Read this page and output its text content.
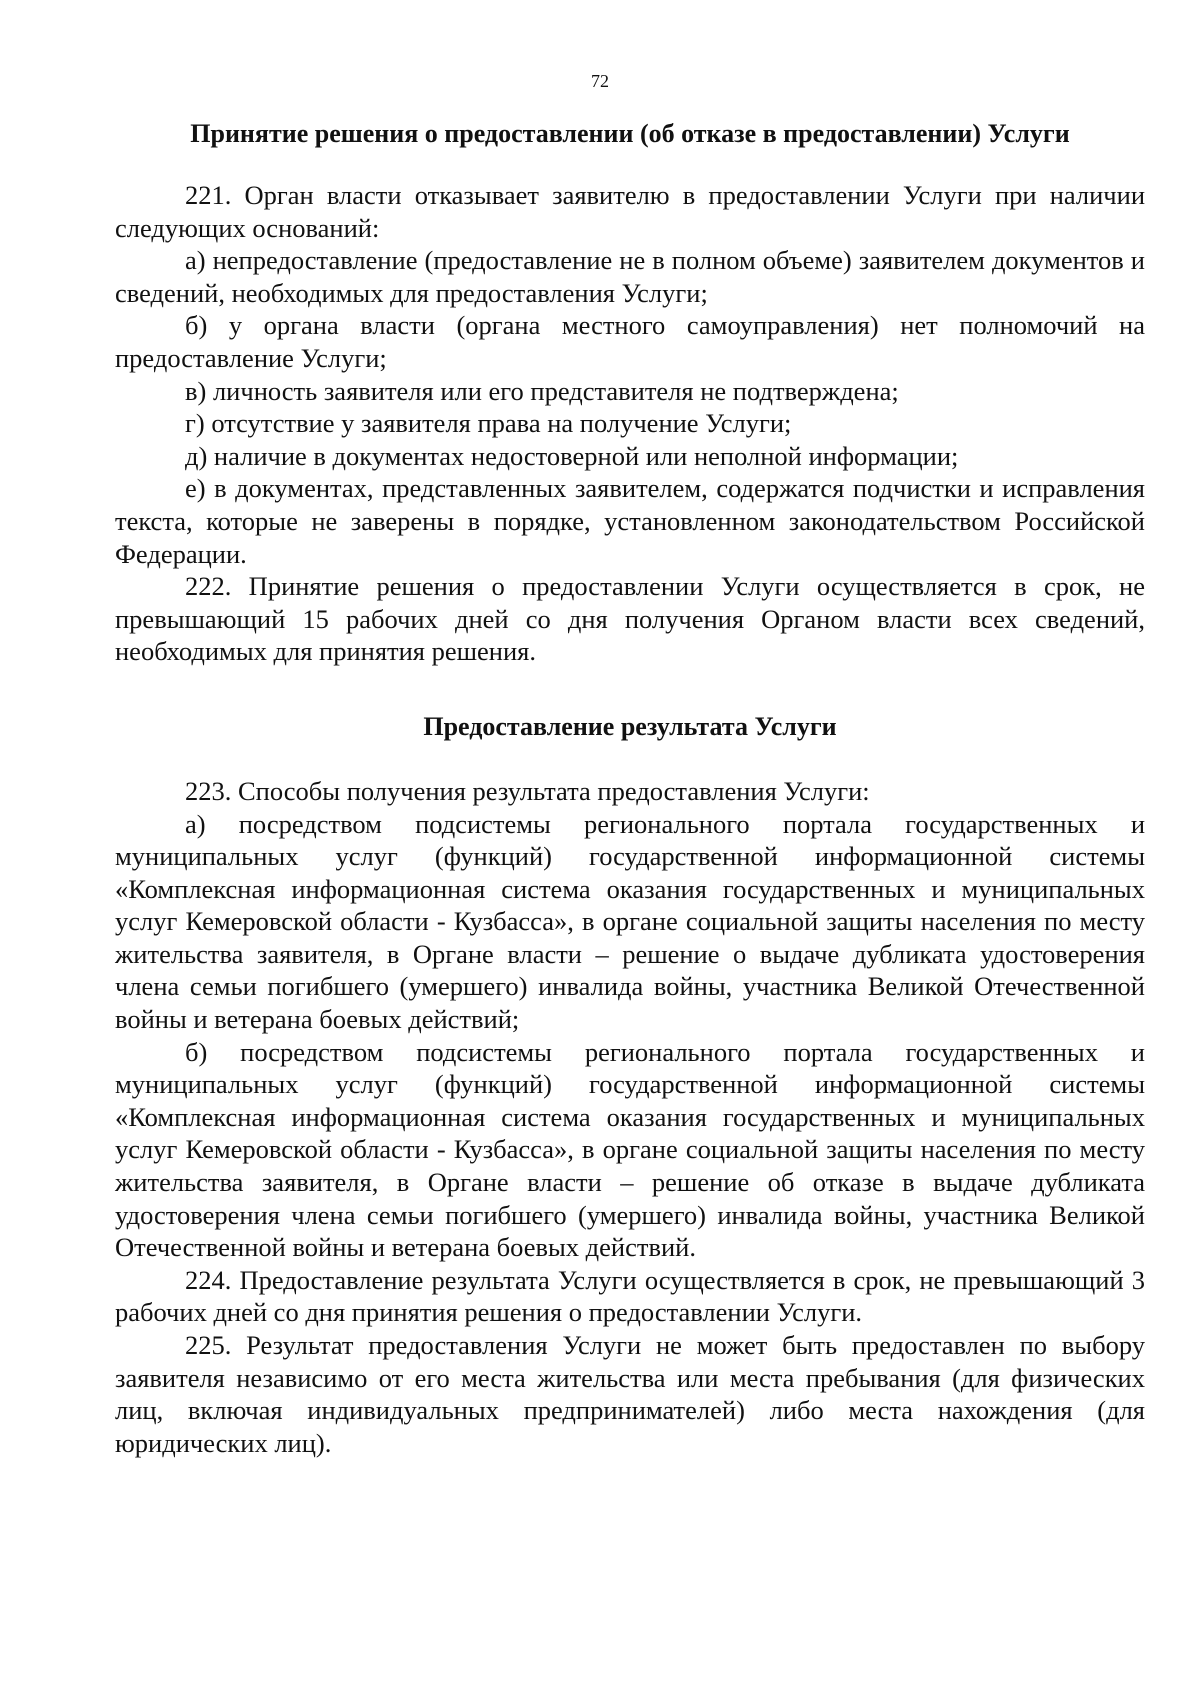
72
Принятие решения о предоставлении (об отказе в предоставлении) Услуги

221. Орган власти отказывает заявителю в предоставлении Услуги при наличии следующих оснований:

а) непредоставление (предоставление не в полном объеме) заявителем документов и сведений, необходимых для предоставления Услуги;

б) у органа власти (органа местного самоуправления) нет полномочий на предоставление Услуги;

в) личность заявителя или его представителя не подтверждена;

г) отсутствие у заявителя права на получение Услуги;

д) наличие в документах недостоверной или неполной информации;

е) в документах, представленных заявителем, содержатся подчистки и исправления текста, которые не заверены в порядке, установленном законодательством Российской Федерации.

222. Принятие решения о предоставлении Услуги осуществляется в срок, не превышающий 15 рабочих дней со дня получения Органом власти всех сведений, необходимых для принятия решения.

Предоставление результата Услуги

223. Способы получения результата предоставления Услуги:

а) посредством подсистемы регионального портала государственных и муниципальных услуг (функций) государственной информационной системы «Комплексная информационная система оказания государственных и муниципальных услуг Кемеровской области - Кузбасса», в органе социальной защиты населения по месту жительства заявителя, в Органе власти – решение о выдаче дубликата удостоверения члена семьи погибшего (умершего) инвалида войны, участника Великой Отечественной войны и ветерана боевых действий;

б) посредством подсистемы регионального портала государственных и муниципальных услуг (функций) государственной информационной системы «Комплексная информационная система оказания государственных и муниципальных услуг Кемеровской области - Кузбасса», в органе социальной защиты населения по месту жительства заявителя, в Органе власти – решение об отказе в выдаче дубликата удостоверения члена семьи погибшего (умершего) инвалида войны, участника Великой Отечественной войны и ветерана боевых действий.

224. Предоставление результата Услуги осуществляется в срок, не превышающий 3 рабочих дней со дня принятия решения о предоставлении Услуги.

225. Результат предоставления Услуги не может быть предоставлен по выбору заявителя независимо от его места жительства или места пребывания (для физических лиц, включая индивидуальных предпринимателей) либо места нахождения (для юридических лиц).
